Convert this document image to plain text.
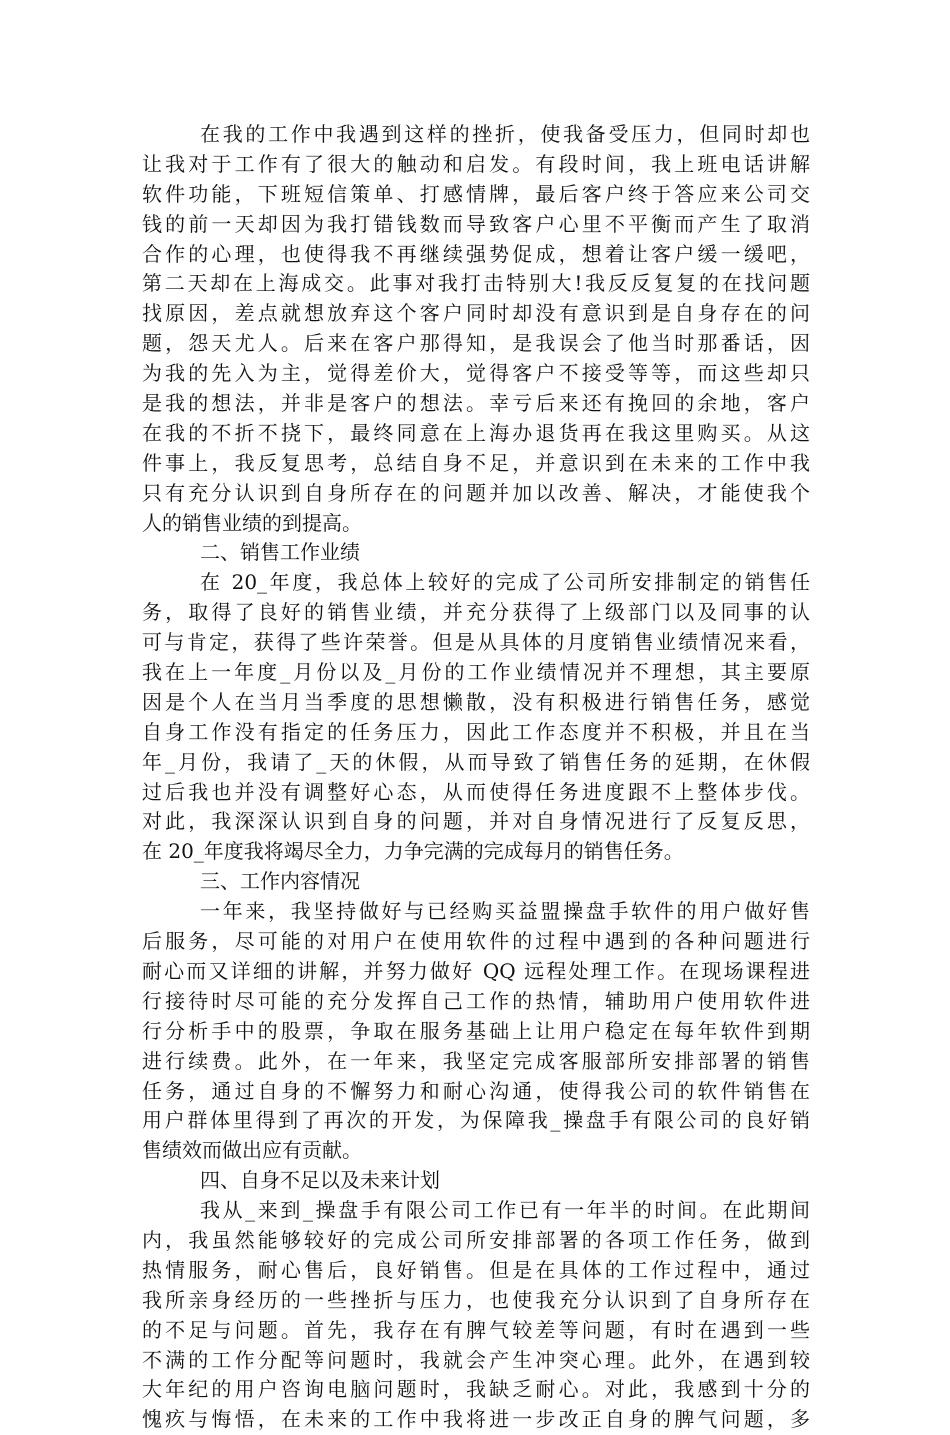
在我的工作中我遇到这样的挫折，使我备受压力，但同时却也
让我对于工作有了很大的触动和启发。有段时间，我上班电话讲解
软件功能，下班短信策单、打感情牌，最后客户终于答应来公司交
钱的前一天却因为我打错钱数而导致客户心里不平衡而产生了取消
合作的心理，也使得我不再继续强势促成，想着让客户缓一缓吧，
第二天却在上海成交。此事对我打击特别大!我反反复复的在找问题
找原因，差点就想放弃这个客户同时却没有意识到是自身存在的问
题，怨天尤人。后来在客户那得知，是我误会了他当时那番话，因
为我的先入为主，觉得差价大，觉得客户不接受等等，而这些却只
是我的想法，并非是客户的想法。幸亏后来还有挽回的余地，客户
在我的不折不挠下，最终同意在上海办退货再在我这里购买。从这
件事上，我反复思考，总结自身不足，并意识到在未来的工作中我
只有充分认识到自身所存在的问题并加以改善、解决，才能使我个
人的销售业绩的到提高。
二、销售工作业绩
在 20_年度，我总体上较好的完成了公司所安排制定的销售任
务，取得了良好的销售业绩，并充分获得了上级部门以及同事的认
可与肯定，获得了些许荣誉。但是从具体的月度销售业绩情况来看，
我在上一年度_月份以及_月份的工作业绩情况并不理想，其主要原
因是个人在当月当季度的思想懒散，没有积极进行销售任务，感觉
自身工作没有指定的任务压力，因此工作态度并不积极，并且在当
年_月份，我请了_天的休假，从而导致了销售任务的延期，在休假
过后我也并没有调整好心态，从而使得任务进度跟不上整体步伐。
对此，我深深认识到自身的问题，并对自身情况进行了反复反思，
在 20_年度我将竭尽全力，力争完满的完成每月的销售任务。
三、工作内容情况
一年来，我坚持做好与已经购买益盟操盘手软件的用户做好售
后服务，尽可能的对用户在使用软件的过程中遇到的各种问题进行
耐心而又详细的讲解，并努力做好 QQ 远程处理工作。在现场课程进
行接待时尽可能的充分发挥自己工作的热情，辅助用户使用软件进
行分析手中的股票，争取在服务基础上让用户稳定在每年软件到期
进行续费。此外，在一年来，我坚定完成客服部所安排部署的销售
任务，通过自身的不懈努力和耐心沟通，使得我公司的软件销售在
用户群体里得到了再次的开发，为保障我_操盘手有限公司的良好销
售绩效而做出应有贡献。
四、自身不足以及未来计划
我从_来到_操盘手有限公司工作已有一年半的时间。在此期间
内，我虽然能够较好的完成公司所安排部署的各项工作任务，做到
热情服务，耐心售后，良好销售。但是在具体的工作过程中，通过
我所亲身经历的一些挫折与压力，也使我充分认识到了自身所存在
的不足与问题。首先，我存在有脾气较差等问题，有时在遇到一些
不满的工作分配等问题时，我就会产生冲突心理。此外，在遇到较
大年纪的用户咨询电脑问题时，我缺乏耐心。对此，我感到十分的
愧疚与悔悟，在未来的工作中我将进一步改正自身的脾气问题，多
